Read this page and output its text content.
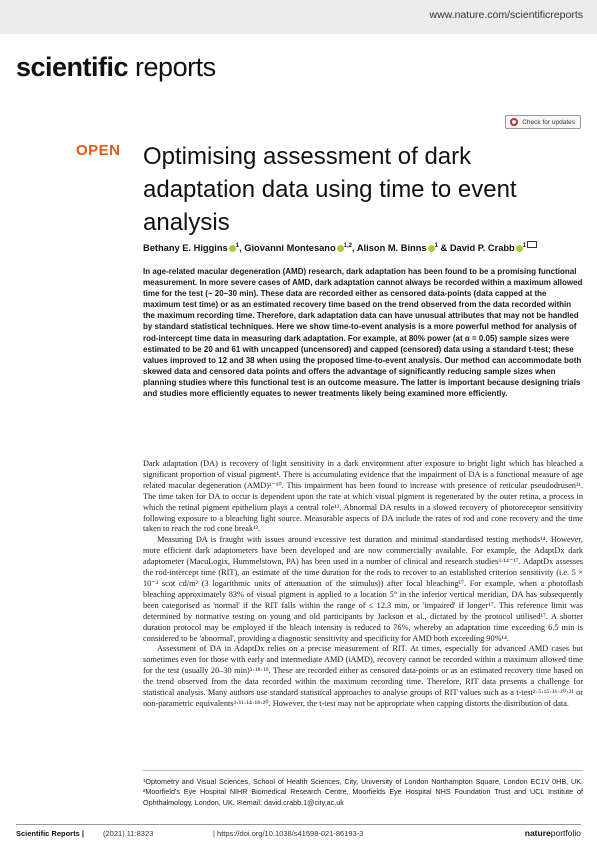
www.nature.com/scientificreports
scientific reports
Check for updates
OPEN Optimising assessment of dark adaptation data using time to event analysis
Bethany E. Higgins $^1$, Giovanni Montesano $^{1,2}$, Alison M. Binns $^1$ & David P. Crabb $^1$

In age-related macular degeneration (AMD) research, dark adaptation has been found to be a promising functional measurement. In more severe cases of AMD, dark adaptation cannot always be recorded within a maximum allowed time for the test (~ 20–30 min). These data are recorded either as censored data-points (data capped at the maximum test time) or as an estimated recovery time based on the trend observed from the data recorded within the maximum recording time. Therefore, dark adaptation data can have unusual attributes that may not be handled by standard statistical techniques. Here we show time-to-event analysis is a more powerful method for analysis of rod-intercept time data in measuring dark adaptation. For example, at 80% power (at α = 0.05) sample sizes were estimated to be 20 and 61 with uncapped (uncensored) and capped (censored) data using a standard t-test; these values improved to 12 and 38 when using the proposed time-to-event analysis. Our method can accommodate both skewed data and censored data points and offers the advantage of significantly reducing sample sizes when planning studies where this functional test is an outcome measure. The latter is important because designing trials and studies more efficiently equates to newer treatments likely being examined more efficiently.

Dark adaptation (DA) is recovery of light sensitivity in a dark environment after exposure to bright light which has bleached a significant proportion of visual pigment¹. There is accumulating evidence that the impairment of DA is a functional measure of age related macular degeneration (AMD)¹⁻¹⁰. This impairment has been found to increase with presence of reticular pseudodrusen¹¹. The time taken for DA to occur is dependent upon the rate at which visual pigment is regenerated by the outer retina, a process in which the retinal pigment epithelium plays a central role¹². Abnormal DA results in a slowed recovery of photoreceptor sensitivity following exposure to a bleaching light source. Measurable aspects of DA include the rates of rod and cone recovery and the time taken to reach the rod cone break¹³.

Measuring DA is fraught with issues around excessive test duration and minimal standardised testing methods¹⁴. However, more efficient dark adaptometers have been developed and are now commercially available. For example, the AdaptDx dark adaptometer (MacuLogix, Hummelstown, PA) has been used in a number of clinical and research studies³·¹⁴⁻¹⁷. AdaptDx assesses the rod-intercept time (RIT), an estimate of the time duration for the rods to recover to an established criterion sensitivity (i.e. 5 × 10⁻³ scot cd/m² (3 logarithmic units of attenuation of the stimulus)) after focal bleaching¹⁷. For example, when a photoflash bleaching approximately 83% of visual pigment is applied to a location 5° in the inferior vertical meridian, DA has subsequently been categorised as 'normal' if the RIT falls within the range of ≤ 12.3 min, or 'impaired' if longer¹⁷. This reference limit was determined by normative testing on young and old participants by Jackson et al., dictated by the protocol utilised¹⁷. A shorter duration protocol may be employed if the bleach intensity is reduced to 76%, whereby an adaptation time exceeding 6.5 min is considered to be 'abnormal', providing a diagnostic sensitivity and specificity for AMD both exceeding 90%¹⁴.

Assessment of DA in AdaptDx relies on a precise measurement of RIT. At times, especially for advanced AMD cases but sometimes even for those with early and intermediate AMD (iAMD), recovery cannot be recorded within a maximum allowed time for the test (usually 20–30 min)³·¹⁸·¹⁹. These are recorded either as censored data-points or as an estimated recovery time based on the trend observed from the data recorded within the maximum recording time. Therefore, RIT data presents a challenge for statistical analysis. Many authors use standard statistical approaches to analyse groups of RIT values such as a t-test²·⁵·¹⁵·¹⁶·²⁰·²¹ or non-parametric equivalents³·¹¹·¹⁴·¹⁸·²⁰. However, the t-test may not be appropriate when capping distorts the distribution of data.

¹Optometry and Visual Sciences, School of Health Sciences, City, University of London Northampton Square, London EC1V 0HB, UK. ²Moorfield's Eye Hospital NIHR Biomedical Research Centre, Moorfields Eye Hospital NHS Foundation Trust and UCL Institute of Ophthalmology, London, UK. ✉email: david.crabb.1@city.ac.uk

Scientific Reports |	(2021) 11:8323	| https://doi.org/10.1038/s41598-021-86193-3	natureportfolio
